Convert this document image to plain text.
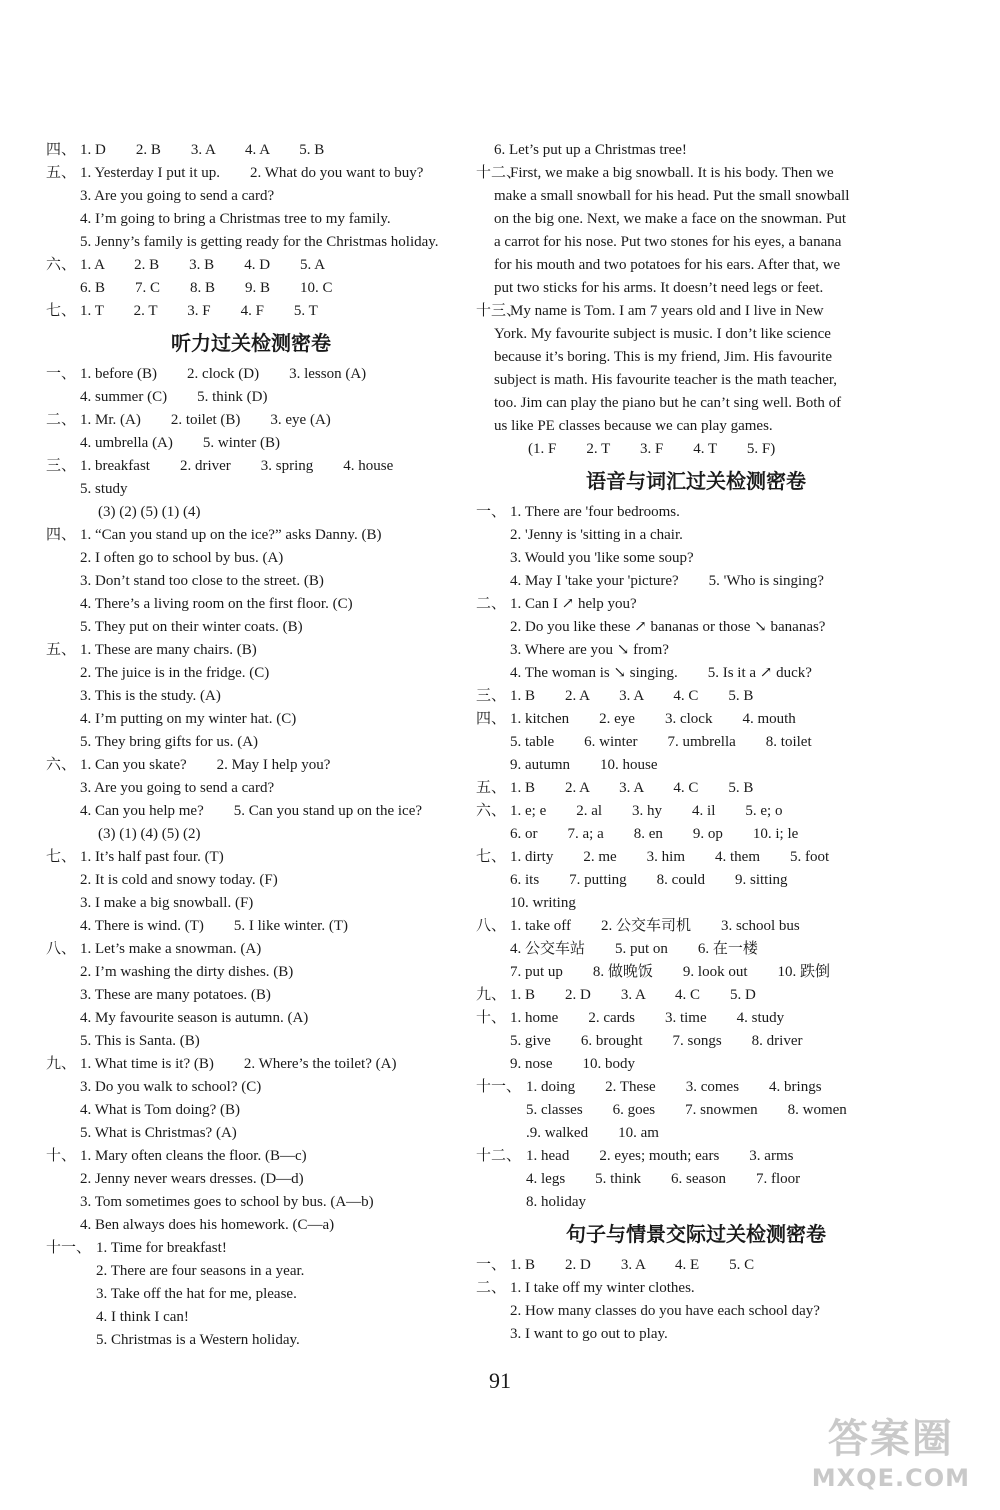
四、 1. D　　2. B　　3. A　　4. A　　5. B
五、 1. Yesterday I put it up.　　2. What do you want to buy?
3. Are you going to send a card?
4. I’m going to bring a Christmas tree to my family.
5. Jenny’s family is getting ready for the Christmas holiday.
六、 1. A　　2. B　　3. B　　4. D　　5. A
6. B　　7. C　　8. B　　9. B　　10. C
七、 1. T　　2. T　　3. F　　4. F　　5. T
听力过关检测密卷
一、 1. before (B)　　2. clock (D)　　3. lesson (A)
4. summer (C)　　5. think (D)
二、 1. Mr. (A)　　2. toilet (B)　　3. eye (A)
4. umbrella (A)　　5. winter (B)
三、 1. breakfast　　2. driver　　3. spring　　4. house
5. study
(3) (2) (5) (1) (4)
四、 1. “Can you stand up on the ice?” asks Danny. (B)
2. I often go to school by bus. (A)
3. Don’t stand too close to the street. (B)
4. There’s a living room on the first floor. (C)
5. They put on their winter coats. (B)
五、 1. These are many chairs. (B)
2. The juice is in the fridge. (C)
3. This is the study. (A)
4. I’m putting on my winter hat. (C)
5. They bring gifts for us. (A)
六、 1. Can you skate?　　2. May I help you?
3. Are you going to send a card?
4. Can you help me?　　5. Can you stand up on the ice?
(3) (1) (4) (5) (2)
七、 1. It’s half past four. (T)
2. It is cold and snowy today. (F)
3. I make a big snowball. (F)
4. There is wind. (T)　　5. I like winter. (T)
八、 1. Let’s make a snowman. (A)
2. I’m washing the dirty dishes. (B)
3. These are many potatoes. (B)
4. My favourite season is autumn. (A)
5. This is Santa. (B)
九、 1. What time is it? (B)　　2. Where’s the toilet? (A)
3. Do you walk to school? (C)
4. What is Tom doing? (B)
5. What is Christmas? (A)
十、 1. Mary often cleans the floor. (B—c)
2. Jenny never wears dresses. (D—d)
3. Tom sometimes goes to school by bus. (A—b)
4. Ben always does his homework. (C—a)
十一、 1. Time for breakfast!
2. There are four seasons in a year.
3. Take off the hat for me, please.
4. I think I can!
5. Christmas is a Western holiday.
6. Let’s put up a Christmas tree!
十二、
First, we make a big snowball. It is his body. Then we
make a small snowball for his head. Put the small snowball
on the big one. Next, we make a face on the snowman. Put
a carrot for his nose. Put two stones for his eyes, a banana
for his mouth and two potatoes for his ears. After that, we
put two sticks for his arms. It doesn’t need legs or feet.
十三、
My name is Tom. I am 7 years old and I live in New
York. My favourite subject is music. I don’t like science
because it’s boring. This is my friend, Jim. His favourite
subject is math. His favourite teacher is the math teacher,
too. Jim can play the piano but he can’t sing well. Both of
us like PE classes because we can play games.
(1. F　　2. T　　3. F　　4. T　　5. F)
语音与词汇过关检测密卷
一、 1. There are 'four bedrooms.
2. 'Jenny is 'sitting in a chair.
3. Would you 'like some soup?
4. May I 'take your 'picture?　　5. 'Who is singing?
二、 1. Can I ↗ help you?
2. Do you like these ↗ bananas or those ↘ bananas?
3. Where are you ↘ from?
4. The woman is ↘ singing.　　5. Is it a ↗ duck?
三、 1. B　　2. A　　3. A　　4. C　　5. B
四、 1. kitchen　　2. eye　　3. clock　　4. mouth
5. table　　6. winter　　7. umbrella　　8. toilet
9. autumn　　10. house
五、 1. B　　2. A　　3. A　　4. C　　5. B
六、 1. e; e　　2. al　　3. hy　　4. il　　5. e; o
6. or　　7. a; a　　8. en　　9. op　　10. i; le
七、 1. dirty　　2. me　　3. him　　4. them　　5. foot
6. its　　7. putting　　8. could　　9. sitting
10. writing
八、 1. take off　　2. 公交车司机　　3. school bus
4. 公交车站　　5. put on　　6. 在一楼
7. put up　　8. 做晚饭　　9. look out　　10. 跌倒
九、 1. B　　2. D　　3. A　　4. C　　5. D
十、 1. home　　2. cards　　3. time　　4. study
5. give　　6. brought　　7. songs　　8. driver
9. nose　　10. body
十一、 1. doing　　2. These　　3. comes　　4. brings
5. classes　　6. goes　　7. snowmen　　8. women
.9. walked　　10. am
十二、 1. head　　2. eyes; mouth; ears　　3. arms
4. legs　　5. think　　6. season　　7. floor
8. holiday
句子与情景交际过关检测密卷
一、 1. B　　2. D　　3. A　　4. E　　5. C
二、 1. I take off my winter clothes.
2. How many classes do you have each school day?
3. I want to go out to play.
91
答案圈
MXQE.COM
